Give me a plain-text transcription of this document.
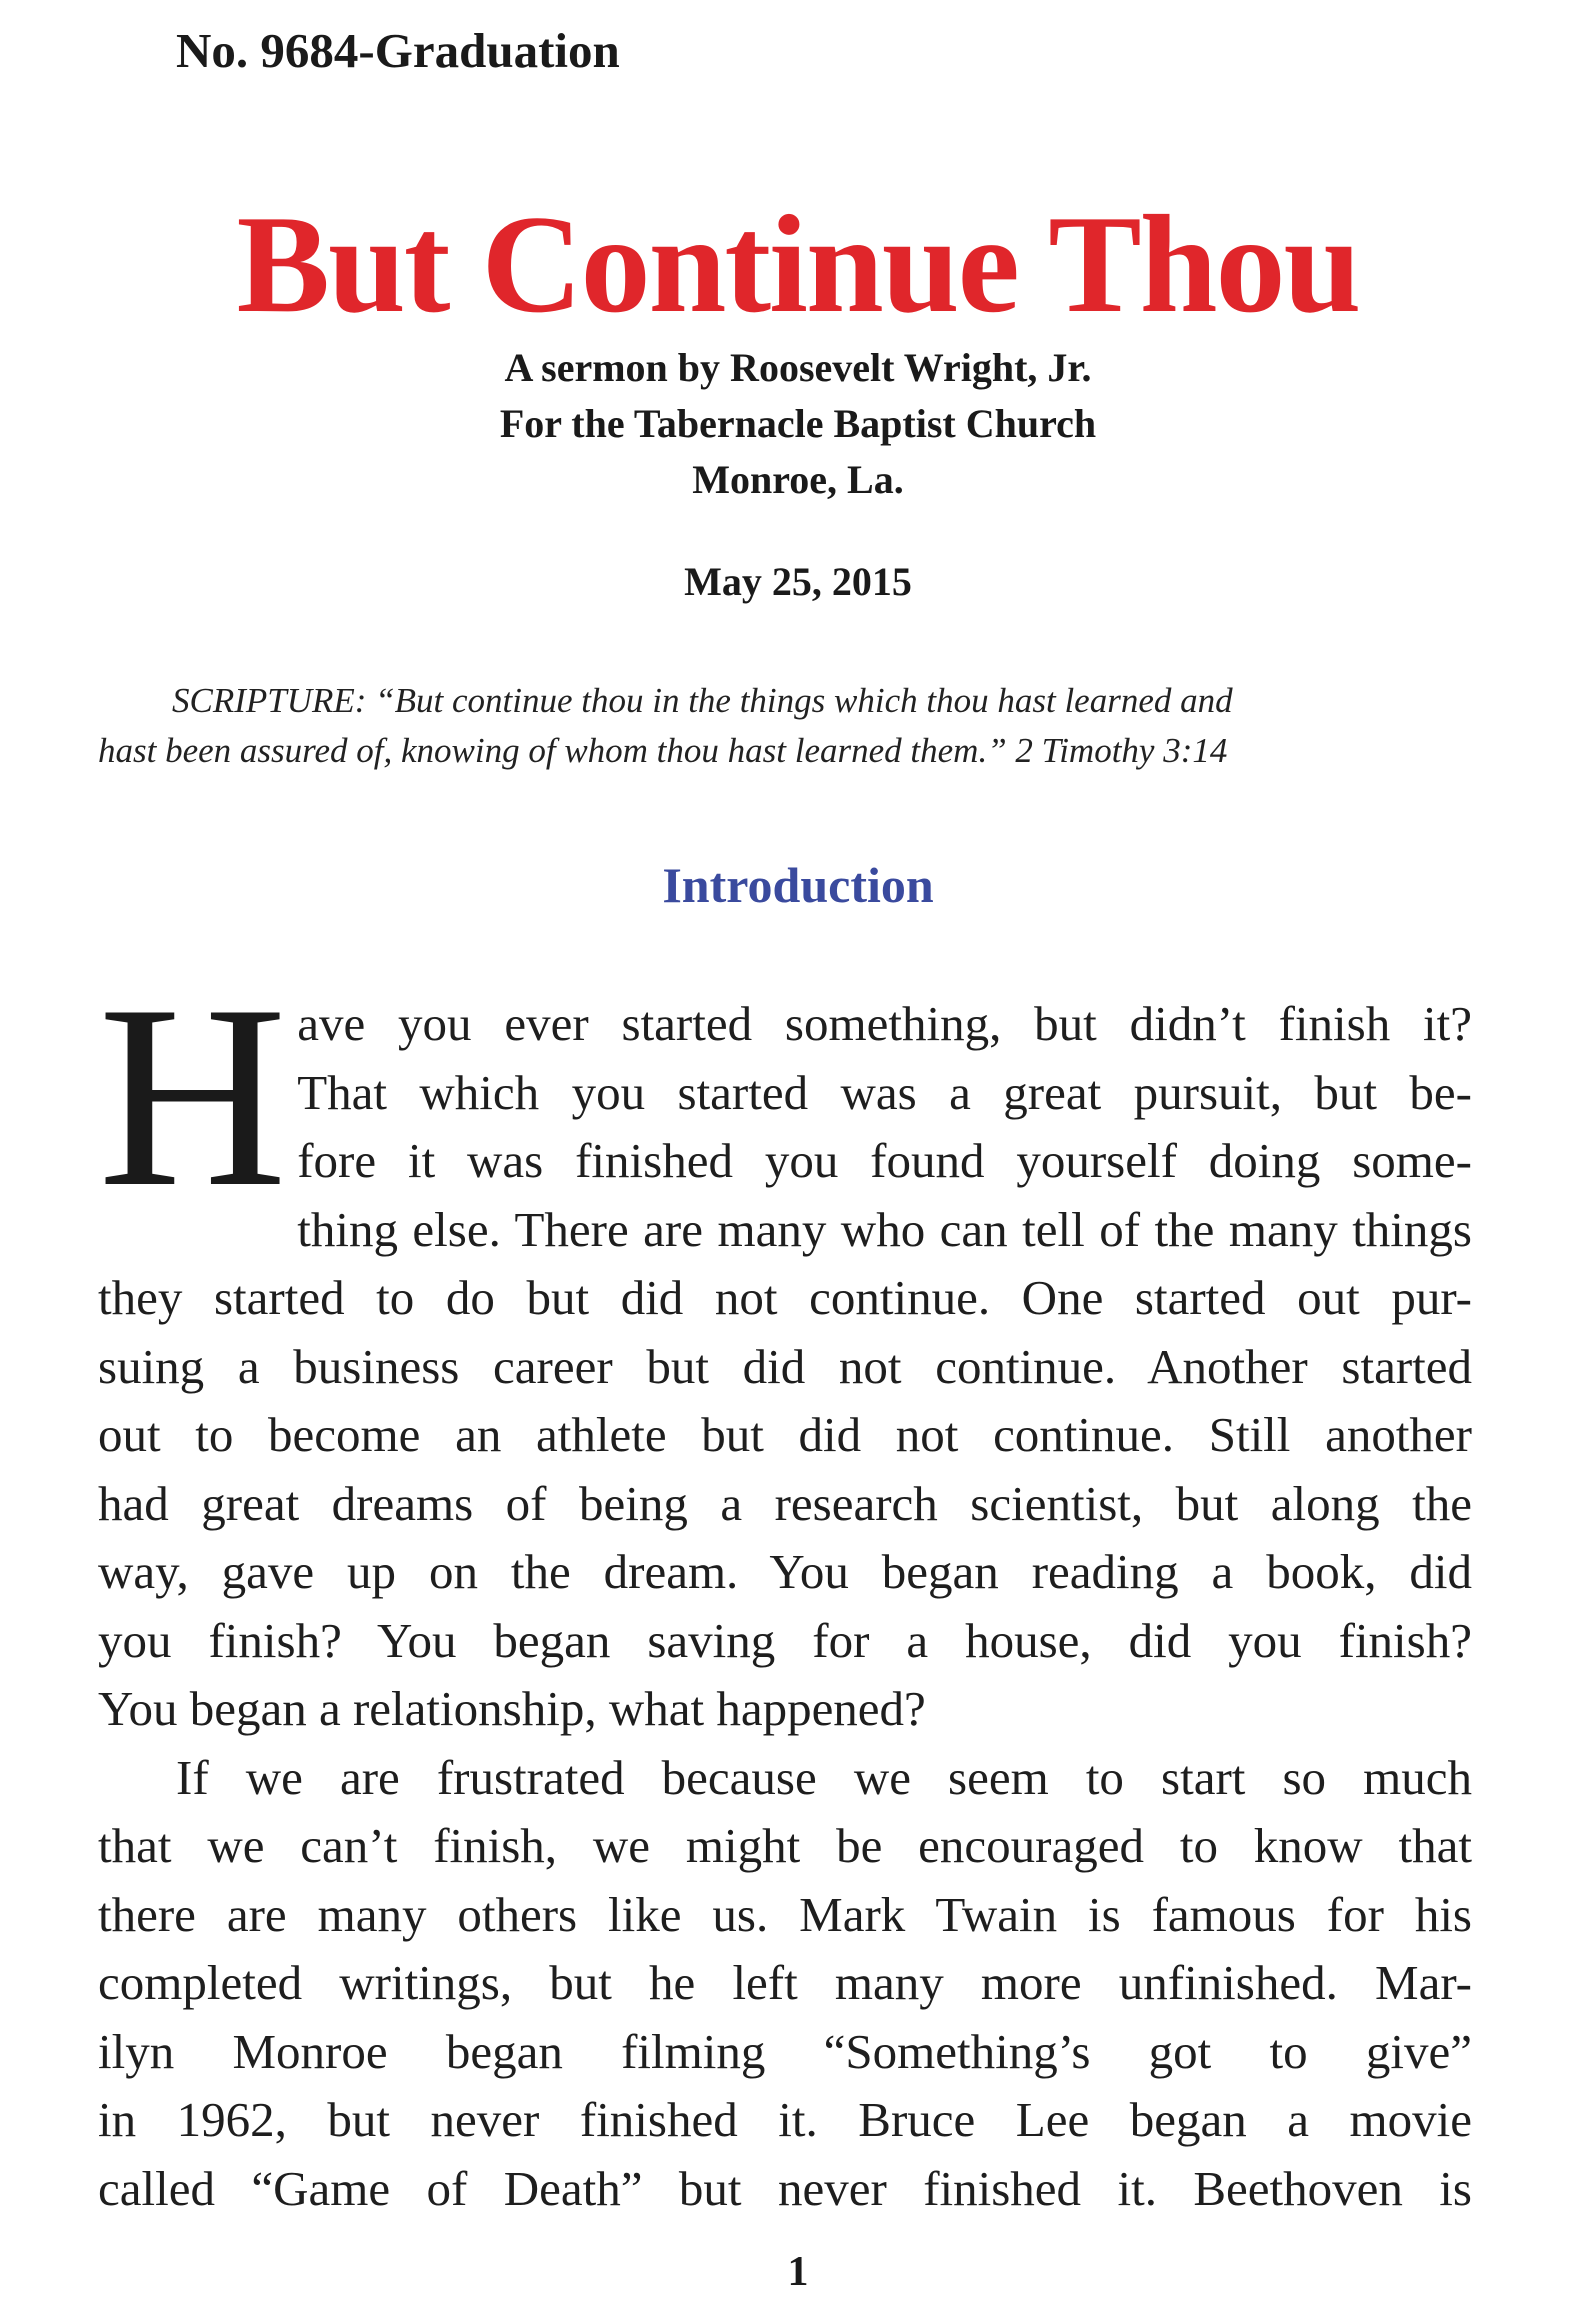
No. 9684-Graduation
But Continue Thou
A sermon by Roosevelt Wright, Jr.
For the Tabernacle Baptist Church
Monroe, La.
May 25, 2015
SCRIPTURE: “But continue thou in the things which thou hast learned and
hast been assured of, knowing of whom thou hast learned them.” 2 Timothy 3:14
Introduction
H ave you ever started something, but didn’t finish it?
That which you started was a great pursuit, but be-
fore it was finished you found yourself doing some-
thing else. There are many who can tell of the many things
they started to do but did not continue. One started out pur-
suing a business career but did not continue. Another started
out to become an athlete but did not continue. Still another
had great dreams of being a research scientist, but along the
way, gave up on the dream. You began reading a book, did
you finish? You began saving for a house, did you finish?
You began a relationship, what happened?
If we are frustrated because we seem to start so much
that we can’t finish, we might be encouraged to know that
there are many others like us. Mark Twain is famous for his
completed writings, but he left many more unfinished. Mar-
ilyn Monroe began filming “Something’s got to give”
in 1962, but never finished it. Bruce Lee began a movie
called “Game of Death” but never finished it. Beethoven is
1
